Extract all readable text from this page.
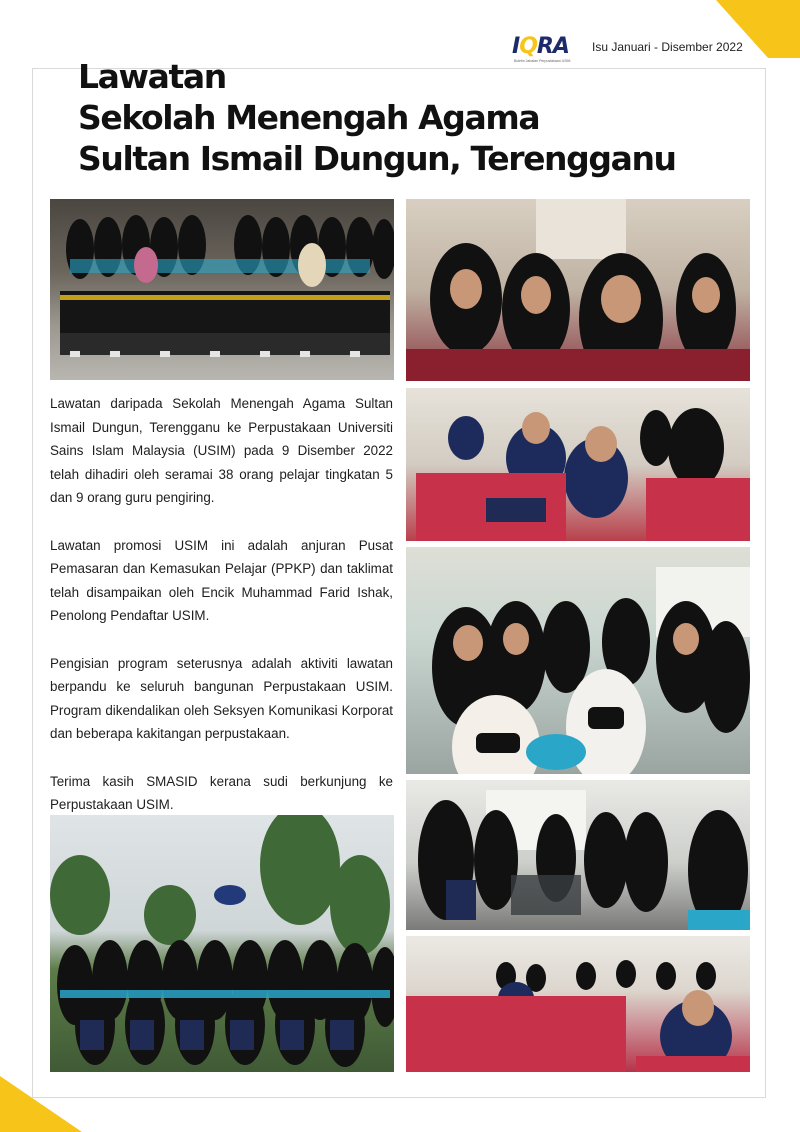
IQRA
Buletin Jabatan Perpustakaan USIM
Isu Januari - Disember 2022
Lawatan
Sekolah Menengah Agama
Sultan Ismail Dungun, Terengganu

Lawatan daripada Sekolah Menengah Agama Sultan Ismail Dungun, Terengganu ke Perpustakaan Universiti Sains Islam Malaysia (USIM) pada 9 Disember 2022 telah dihadiri oleh seramai 38 orang pelajar tingkatan 5 dan 9 orang guru pengiring.

Lawatan promosi USIM ini adalah anjuran Pusat Pemasaran dan Kemasukan Pelajar (PPKP) dan taklimat telah disampaikan oleh Encik Muhammad Farid Ishak, Penolong Pendaftar USIM.

Pengisian program seterusnya adalah aktiviti lawatan berpandu ke seluruh bangunan Perpustakaan USIM. Program dikendalikan oleh Seksyen Komunikasi Korporat dan beberapa kakitangan perpustakaan.

Terima kasih SMASID kerana sudi berkunjung ke Perpustakaan USIM.
